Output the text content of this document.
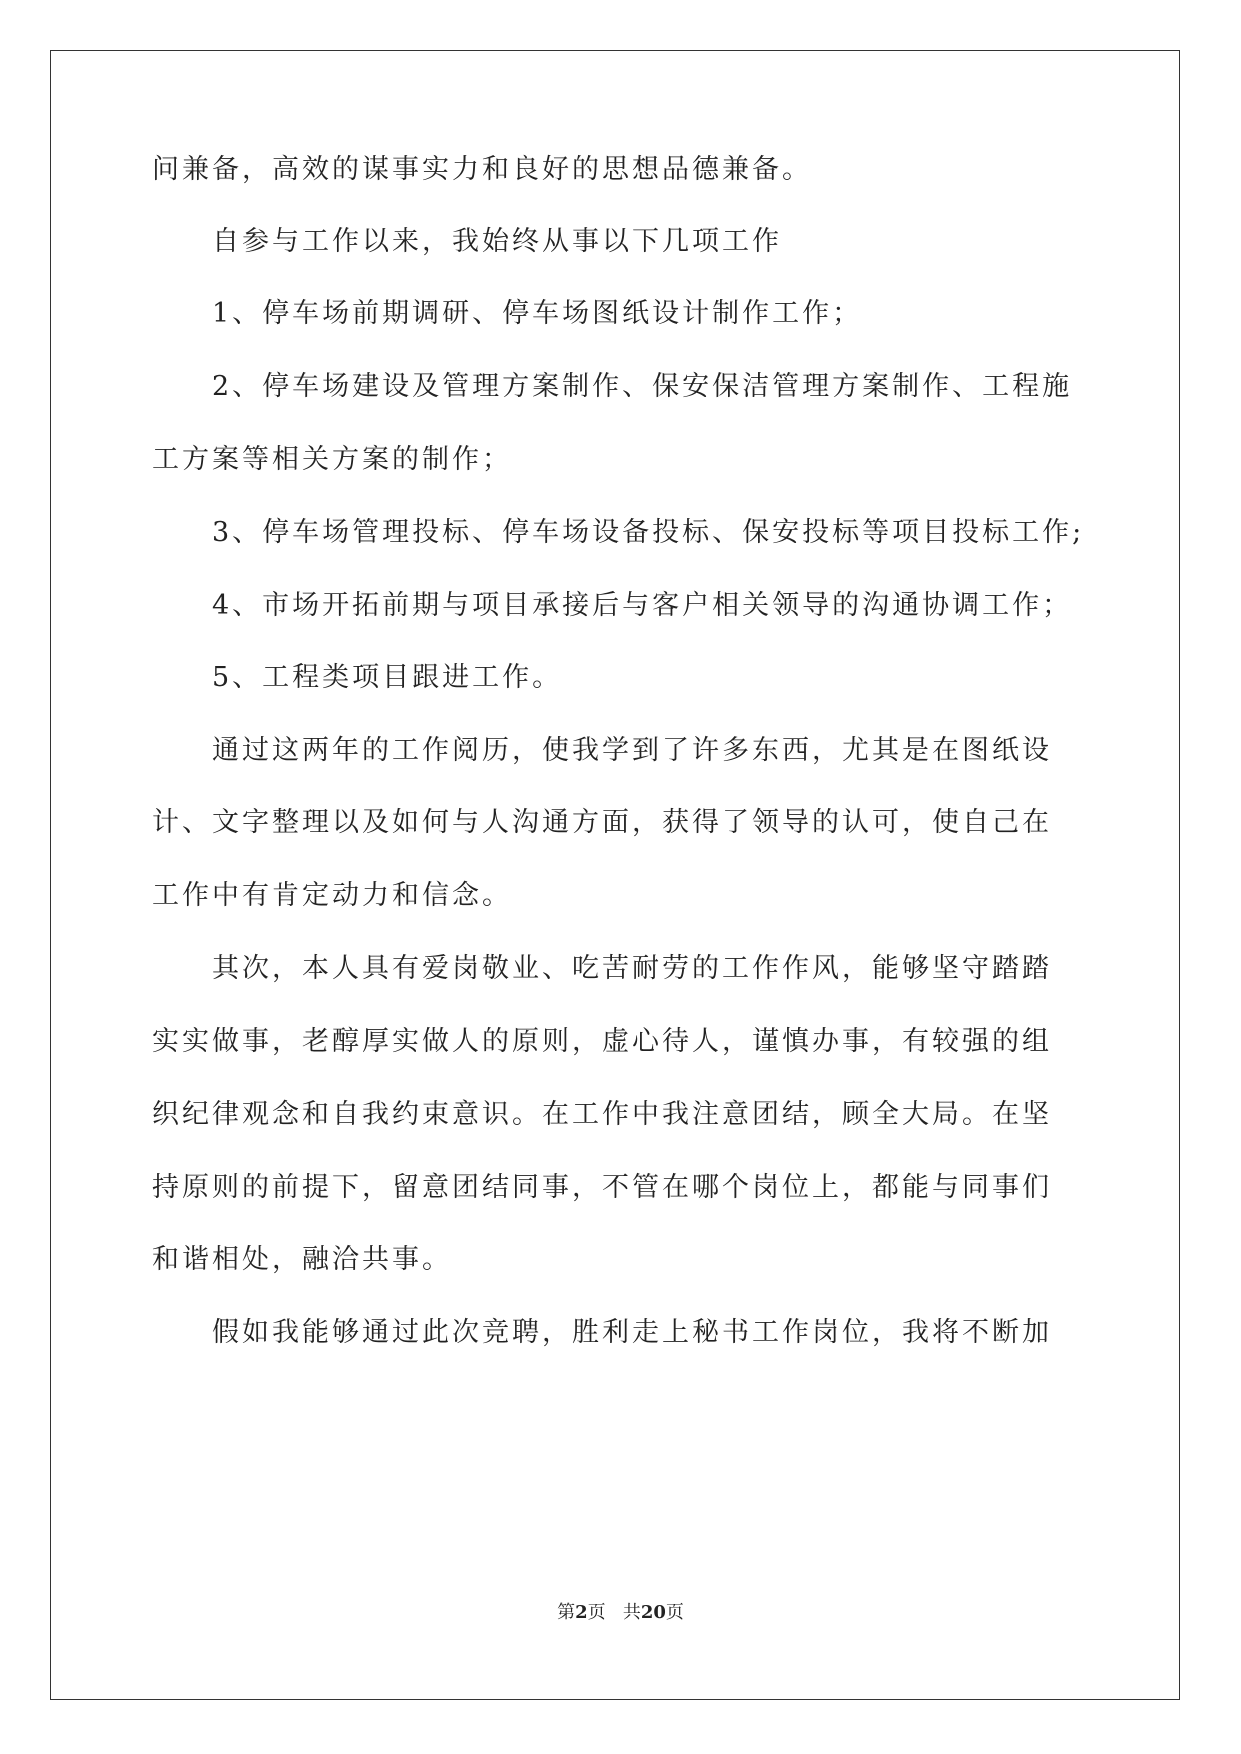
问兼备，高效的谋事实力和良好的思想品德兼备。
自参与工作以来，我始终从事以下几项工作
1、停车场前期调研、停车场图纸设计制作工作；
2、停车场建设及管理方案制作、保安保洁管理方案制作、工程施
工方案等相关方案的制作；
3、停车场管理投标、停车场设备投标、保安投标等项目投标工作;
4、市场开拓前期与项目承接后与客户相关领导的沟通协调工作；
5、工程类项目跟进工作。
通过这两年的工作阅历，使我学到了许多东西，尤其是在图纸设
计、文字整理以及如何与人沟通方面，获得了领导的认可，使自己在
工作中有肯定动力和信念。
其次，本人具有爱岗敬业、吃苦耐劳的工作作风，能够坚守踏踏
实实做事，老醇厚实做人的原则，虚心待人，谨慎办事，有较强的组
织纪律观念和自我约束意识。在工作中我注意团结，顾全大局。在坚
持原则的前提下，留意团结同事，不管在哪个岗位上，都能与同事们
和谐相处，融洽共事。
假如我能够通过此次竞聘，胜利走上秘书工作岗位，我将不断加
第2页 共20页
